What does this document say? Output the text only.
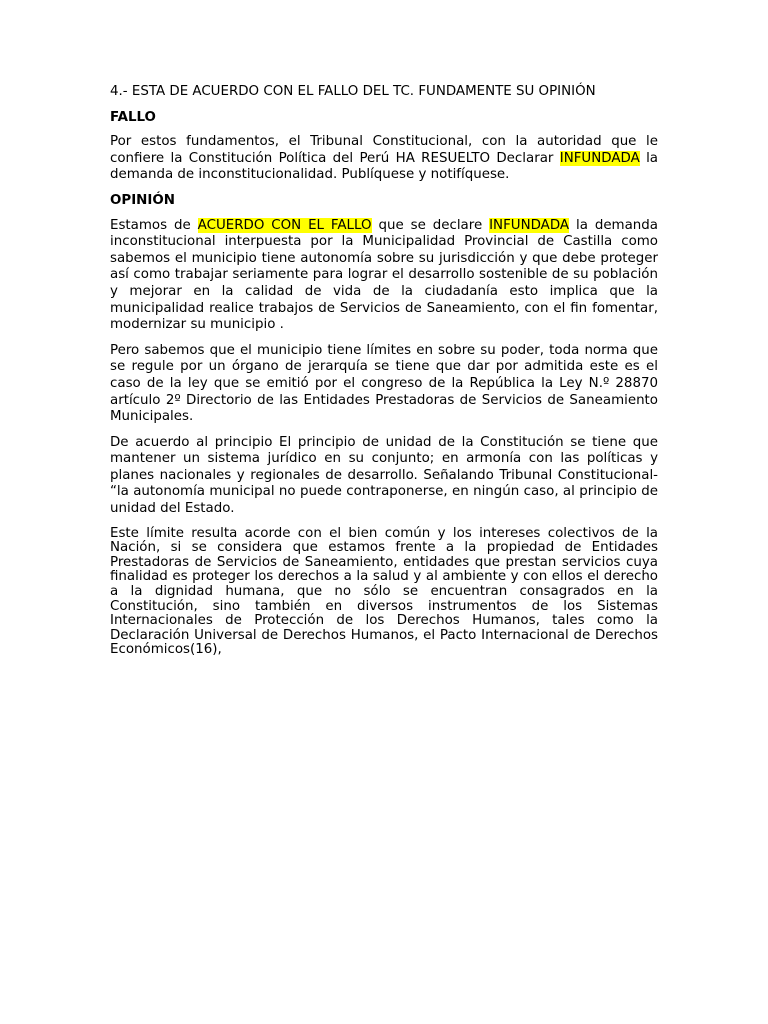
4.- ESTA DE ACUERDO CON EL FALLO DEL TC. FUNDAMENTE SU OPINIÓN

FALLO

Por estos fundamentos, el Tribunal Constitucional, con la autoridad que le confiere la Constitución Política del Perú HA RESUELTO Declarar INFUNDADA la demanda de inconstitucionalidad. Publíquese y notifíquese.

OPINIÓN

Estamos de ACUERDO CON EL FALLO que se declare INFUNDADA la demanda inconstitucional interpuesta por la Municipalidad Provincial de Castilla como sabemos el municipio tiene autonomía sobre su jurisdicción y que debe proteger así como trabajar seriamente para lograr el desarrollo sostenible de su población y mejorar en la calidad de vida de la ciudadanía esto implica que la municipalidad realice trabajos de Servicios de Saneamiento, con el fin fomentar, modernizar su municipio .

Pero sabemos que el municipio tiene límites en sobre su poder, toda norma que se regule por un órgano de jerarquía se tiene que dar por admitida este es el caso de la ley que se emitió por el congreso de la República la Ley N.º 28870 artículo 2º Directorio de las Entidades Prestadoras de Servicios de Saneamiento Municipales.

De acuerdo al principio El principio de unidad de la Constitución se tiene que mantener un sistema jurídico en su conjunto; en armonía con las políticas y planes nacionales y regionales de desarrollo. Señalando Tribunal Constitucional- “la autonomía municipal no puede contraponerse, en ningún caso, al principio de unidad del Estado.

Este límite resulta acorde con el bien común y los intereses colectivos de la Nación, si se considera que estamos frente a la propiedad de Entidades Prestadoras de Servicios de Saneamiento, entidades que prestan servicios cuya finalidad es proteger los derechos a la salud y al ambiente y con ellos el derecho a la dignidad humana, que no sólo se encuentran consagrados en la Constitución, sino también en diversos instrumentos de los Sistemas Internacionales de Protección de los Derechos Humanos, tales como la Declaración Universal de Derechos Humanos, el Pacto Internacional de Derechos Económicos(16),
